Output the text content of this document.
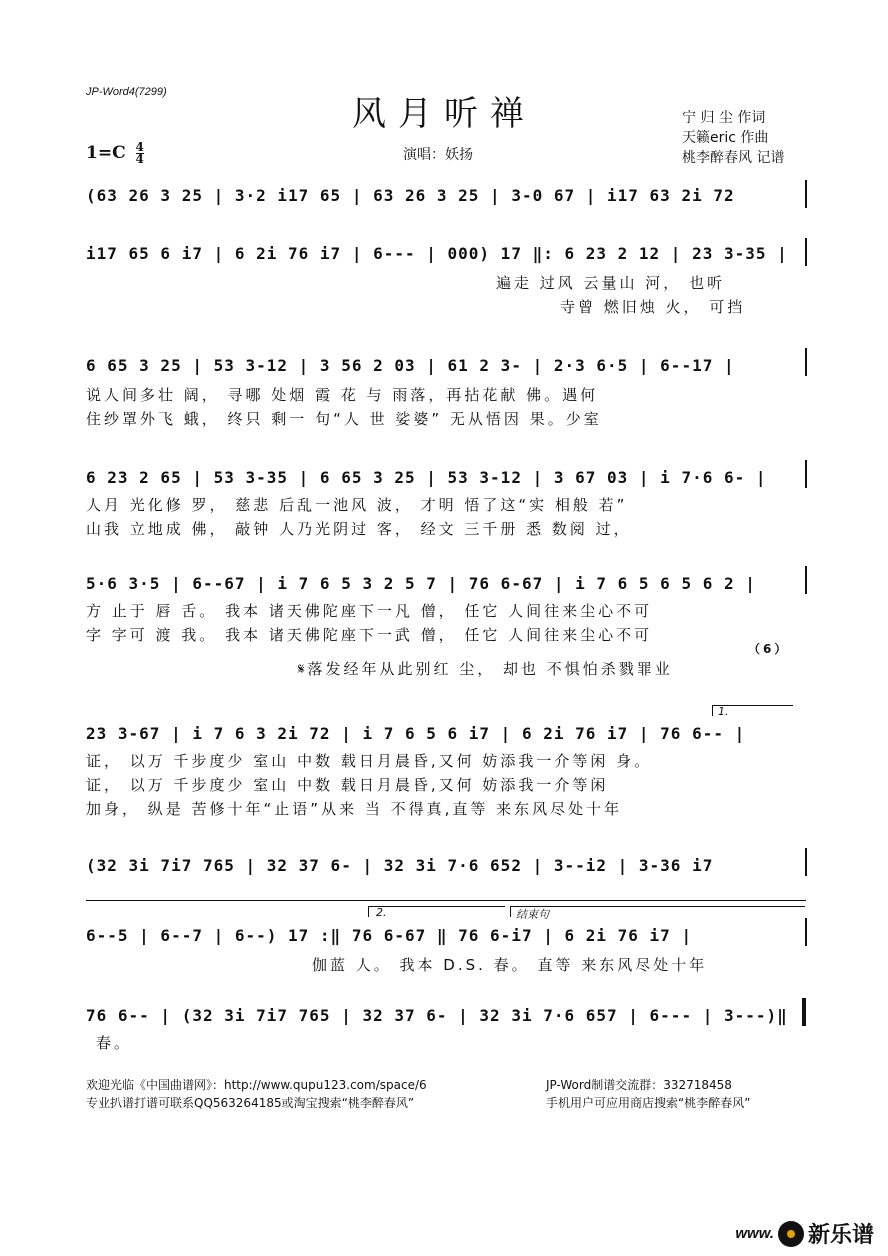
JP-Word4(7299)
风月听禅	宁 归 尘 作词
天籁eric 作曲
桃李醉春风 记谱
$1=C \frac{4}{4}$	演唱：妖扬
(63 26 3 25 | 3·2 i17 65 | 63 26 3 25 | 3-0 67 | i17 63 2i 72
i17 65 6 i7 | 6 2i 76 i7 | 6--- | 000) 17 ‖: 6 23 2 12 | 23 3-35 |
遍走 过风 云量山 河， 也听
寺曾 燃旧烛 火， 可挡
6 65 3 25 | 53 3-12 | 3 56 2 03 | 61 2 3- | 2·3 6·5 | 6--17 |
说人间多壮 阔， 寻哪 处烟 霞 花 与 雨落，再拈花献 佛。遇何
住纱罩外飞 蛾， 终只 剩一 句“人 世 娑婆” 无从悟因 果。少室
6 23 2 65 | 53 3-35 | 6 65 3 25 | 53 3-12 | 3 67 03 | i 7·6 6- |
人月 光化修 罗， 慈悲 后乱一池风 波， 才明 悟了这“实 相般 若”
山我 立地成 佛， 敲钟 人乃光阴过 客， 经文 三千册 悉 数阅 过，
5·6 3·5 | 6--67 | i 7 6 5 3 2 5 7 | 76 6-67 | i 7 6 5 6 5 6 2 |
方 止于 唇 舌。 我本 诸天佛陀座下一凡 僧， 任它 人间往来尘心不可
字 字可 渡 我。 我本 诸天佛陀座下一武 僧， 任它 人间往来尘心不可
（6）
𝄋落发经年从此别红 尘， 却也 不惧怕杀戮罪业
1.
23 3-67 | i 7 6 3 2i 72 | i 7 6 5 6 i7 | 6 2i 76 i7 | 76 6-- |
证， 以万 千步度少 室山 中数 载日月晨昏,又何 妨添我一介等闲 身。
证， 以万 千步度少 室山 中数 载日月晨昏,又何 妨添我一介等闲
加身， 纵是 苦修十年“止语”从来 当 不得真,直等 来东风尽处十年
(32 3i 7i7 765 | 32 37 6- | 32 3i 7·6 652 | 3--i2 | 3-36 i7
2.	结束句
6--5 | 6--7 | 6--) 17 :‖ 76 6-67 ‖ 76 6-i7 | 6 2i 76 i7 |
伽蓝 人。 我本 D.S. 春。 直等 来东风尽处十年
76 6-- | (32 3i 7i7 765 | 32 37 6- | 32 3i 7·6 657 | 6--- | 3---)‖
春。
欢迎光临《中国曲谱网》：http://www.qupu123.com/space/6
专业扒谱打谱可联系QQ563264185或淘宝搜索“桃李醉春风”
JP-Word制谱交流群：332718458
手机用户可应用商店搜索“桃李醉春风”
www. 新乐谱
